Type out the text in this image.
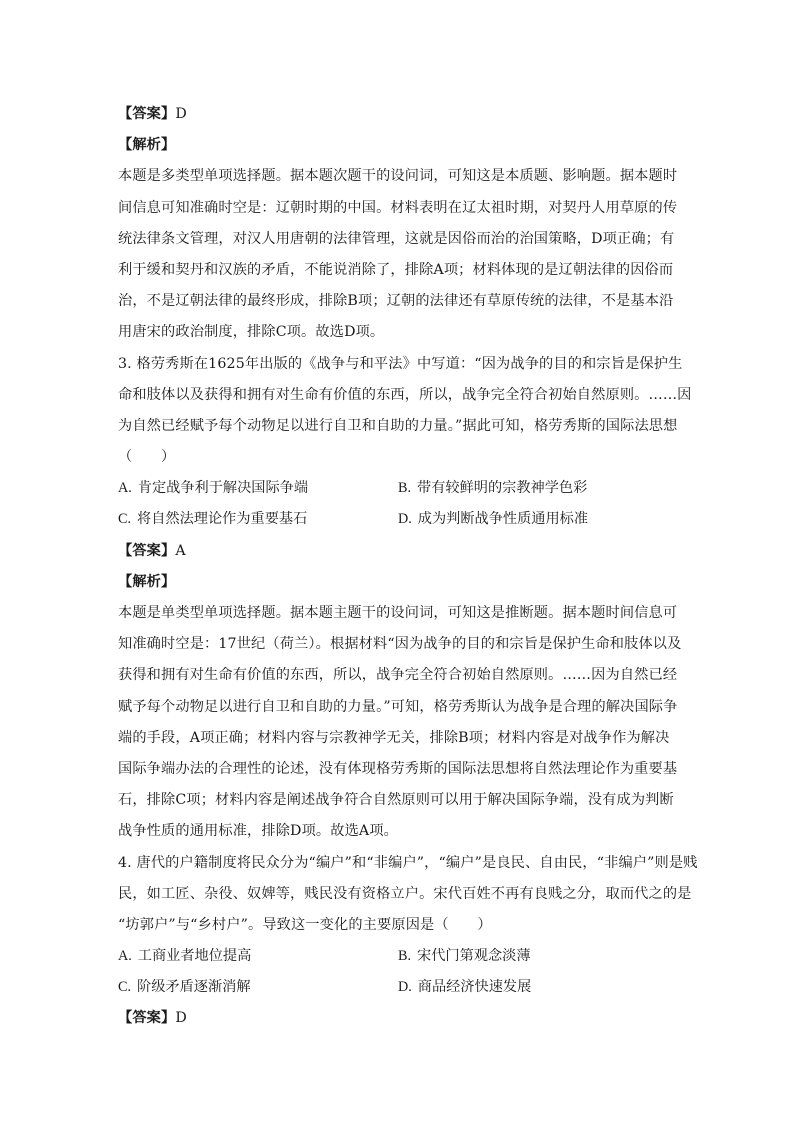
【答案】D
【解析】
本题是多类型单项选择题。据本题次题干的设问词，可知这是本质题、影响题。据本题时
间信息可知准确时空是：辽朝时期的中国。材料表明在辽太祖时期，对契丹人用草原的传
统法律条文管理，对汉人用唐朝的法律管理，这就是因俗而治的治国策略，D项正确；有
利于缓和契丹和汉族的矛盾，不能说消除了，排除A项；材料体现的是辽朝法律的因俗而
治，不是辽朝法律的最终形成，排除B项；辽朝的法律还有草原传统的法律，不是基本沿
用唐宋的政治制度，排除C项。故选D项。
3. 格劳秀斯在1625年出版的《战争与和平法》中写道：“因为战争的目的和宗旨是保护生
命和肢体以及获得和拥有对生命有价值的东西，所以，战争完全符合初始自然原则。……因
为自然已经赋予每个动物足以进行自卫和自助的力量。”据此可知，格劳秀斯的国际法思想
（　　）
A. 肯定战争利于解决国际争端	B. 带有较鲜明的宗教神学色彩
C. 将自然法理论作为重要基石	D. 成为判断战争性质通用标准
【答案】A
【解析】
本题是单类型单项选择题。据本题主题干的设问词，可知这是推断题。据本题时间信息可
知准确时空是：17世纪（荷兰）。根据材料“因为战争的目的和宗旨是保护生命和肢体以及
获得和拥有对生命有价值的东西，所以，战争完全符合初始自然原则。……因为自然已经
赋予每个动物足以进行自卫和自助的力量。”可知，格劳秀斯认为战争是合理的解决国际争
端的手段，A项正确；材料内容与宗教神学无关，排除B项；材料内容是对战争作为解决
国际争端办法的合理性的论述，没有体现格劳秀斯的国际法思想将自然法理论作为重要基
石，排除C项；材料内容是阐述战争符合自然原则可以用于解决国际争端，没有成为判断
战争性质的通用标准，排除D项。故选A项。
4. 唐代的户籍制度将民众分为“编户”和“非编户”，“编户”是良民、自由民，“非编户”则是贱
民，如工匠、杂役、奴婢等，贱民没有资格立户。宋代百姓不再有良贱之分，取而代之的是
“坊郭户”与“乡村户”。导致这一变化的主要原因是（　　）
A. 工商业者地位提高	B. 宋代门第观念淡薄
C. 阶级矛盾逐渐消解	D. 商品经济快速发展
【答案】D
